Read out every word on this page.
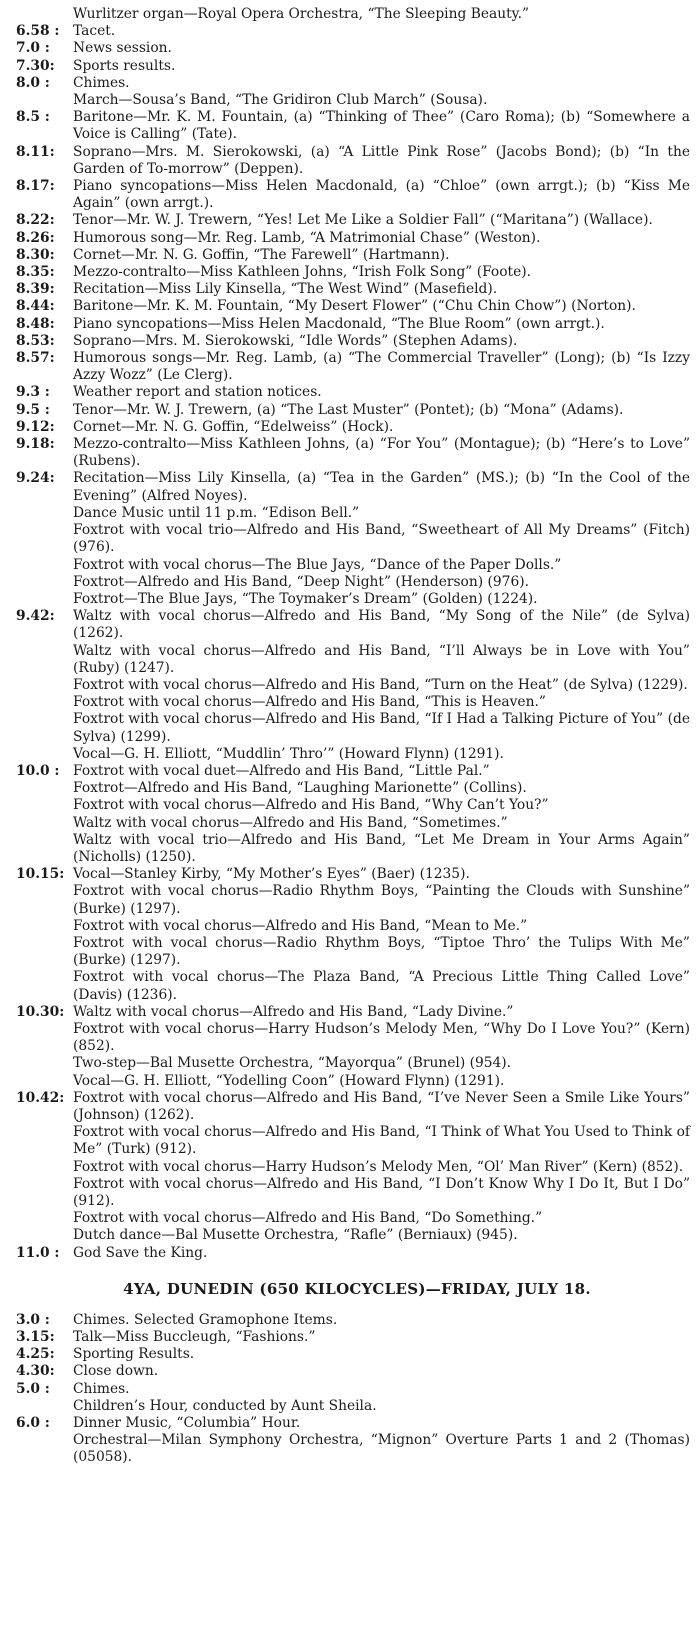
Wurlitzer organ—Royal Opera Orchestra, “The Sleeping Beauty.”
6.58 : Tacet.
7.0 : News session.
7.30: Sports results.
8.0 : Chimes.
March—Sousa’s Band, “The Gridiron Club March” (Sousa).
8.5 : Baritone—Mr. K. M. Fountain, (a) “Thinking of Thee” (Caro Roma); (b) “Somewhere a Voice is Calling” (Tate).
8.11: Soprano—Mrs. M. Sierokowski, (a) “A Little Pink Rose” (Jacobs Bond); (b) “In the Garden of To-morrow” (Deppen).
8.17: Piano syncopations—Miss Helen Macdonald, (a) “Chloe” (own arrgt.); (b) “Kiss Me Again” (own arrgt.).
8.22: Tenor—Mr. W. J. Trewern, “Yes! Let Me Like a Soldier Fall” (“Maritana”) (Wallace).
8.26: Humorous song—Mr. Reg. Lamb, “A Matrimonial Chase” (Weston).
8.30: Cornet—Mr. N. G. Goffin, “The Farewell” (Hartmann).
8.35: Mezzo-contralto—Miss Kathleen Johns, “Irish Folk Song” (Foote).
8.39: Recitation—Miss Lily Kinsella, “The West Wind” (Masefield).
8.44: Baritone—Mr. K. M. Fountain, “My Desert Flower” (“Chu Chin Chow”) (Norton).
8.48: Piano syncopations—Miss Helen Macdonald, “The Blue Room” (own arrgt.).
8.53: Soprano—Mrs. M. Sierokowski, “Idle Words” (Stephen Adams).
8.57: Humorous songs—Mr. Reg. Lamb, (a) “The Commercial Traveller” (Long); (b) “Is Izzy Azzy Wozz” (Le Clerg).
9.3 : Weather report and station notices.
9.5 : Tenor—Mr. W. J. Trewern, (a) “The Last Muster” (Pontet); (b) “Mona” (Adams).
9.12: Cornet—Mr. N. G. Goffin, “Edelweiss” (Hock).
9.18: Mezzo-contralto—Miss Kathleen Johns, (a) “For You” (Montague); (b) “Here’s to Love” (Rubens).
9.24: Recitation—Miss Lily Kinsella, (a) “Tea in the Garden” (MS.); (b) “In the Cool of the Evening” (Alfred Noyes).
Dance Music until 11 p.m. “Edison Bell.”
Foxtrot with vocal trio—Alfredo and His Band, “Sweetheart of All My Dreams” (Fitch) (976).
Foxtrot with vocal chorus—The Blue Jays, “Dance of the Paper Dolls.”
Foxtrot—Alfredo and His Band, “Deep Night” (Henderson) (976).
Foxtrot—The Blue Jays, “The Toymaker’s Dream” (Golden) (1224).
9.42: Waltz with vocal chorus—Alfredo and His Band, “My Song of the Nile” (de Sylva) (1262).
Waltz with vocal chorus—Alfredo and His Band, “I’ll Always be in Love with You” (Ruby) (1247).
Foxtrot with vocal chorus—Alfredo and His Band, “Turn on the Heat” (de Sylva) (1229).
Foxtrot with vocal chorus—Alfredo and His Band, “This is Heaven.”
Foxtrot with vocal chorus—Alfredo and His Band, “If I Had a Talking Picture of You” (de Sylva) (1299).
Vocal—G. H. Elliott, “Muddlin’ Thro’” (Howard Flynn) (1291).
10.0 : Foxtrot with vocal duet—Alfredo and His Band, “Little Pal.”
Foxtrot—Alfredo and His Band, “Laughing Marionette” (Collins).
Foxtrot with vocal chorus—Alfredo and His Band, “Why Can’t You?”
Waltz with vocal chorus—Alfredo and His Band, “Sometimes.”
Waltz with vocal trio—Alfredo and His Band, “Let Me Dream in Your Arms Again” (Nicholls) (1250).
10.15: Vocal—Stanley Kirby, “My Mother’s Eyes” (Baer) (1235).
Foxtrot with vocal chorus—Radio Rhythm Boys, “Painting the Clouds with Sunshine” (Burke) (1297).
Foxtrot with vocal chorus—Alfredo and His Band, “Mean to Me.”
Foxtrot with vocal chorus—Radio Rhythm Boys, “Tiptoe Thro’ the Tulips With Me” (Burke) (1297).
Foxtrot with vocal chorus—The Plaza Band, “A Precious Little Thing Called Love” (Davis) (1236).
10.30: Waltz with vocal chorus—Alfredo and His Band, “Lady Divine.”
Foxtrot with vocal chorus—Harry Hudson’s Melody Men, “Why Do I Love You?” (Kern) (852).
Two-step—Bal Musette Orchestra, “Mayorqua” (Brunel) (954).
Vocal—G. H. Elliott, “Yodelling Coon” (Howard Flynn) (1291).
10.42: Foxtrot with vocal chorus—Alfredo and His Band, “I’ve Never Seen a Smile Like Yours” (Johnson) (1262).
Foxtrot with vocal chorus—Alfredo and His Band, “I Think of What You Used to Think of Me” (Turk) (912).
Foxtrot with vocal chorus—Harry Hudson’s Melody Men, “Ol’ Man River” (Kern) (852).
Foxtrot with vocal chorus—Alfredo and His Band, “I Don’t Know Why I Do It, But I Do” (912).
Foxtrot with vocal chorus—Alfredo and His Band, “Do Something.”
Dutch dance—Bal Musette Orchestra, “Rafle” (Berniaux) (945).
11.0 : God Save the King.
4YA, DUNEDIN (650 KILOCYCLES)—FRIDAY, JULY 18.
3.0 : Chimes. Selected Gramophone Items.
3.15: Talk—Miss Buccleugh, “Fashions.”
4.25: Sporting Results.
4.30: Close down.
5.0 : Chimes.
Children’s Hour, conducted by Aunt Sheila.
6.0 : Dinner Music, “Columbia” Hour.
Orchestral—Milan Symphony Orchestra, “Mignon” Overture Parts 1 and 2 (Thomas) (05058).
